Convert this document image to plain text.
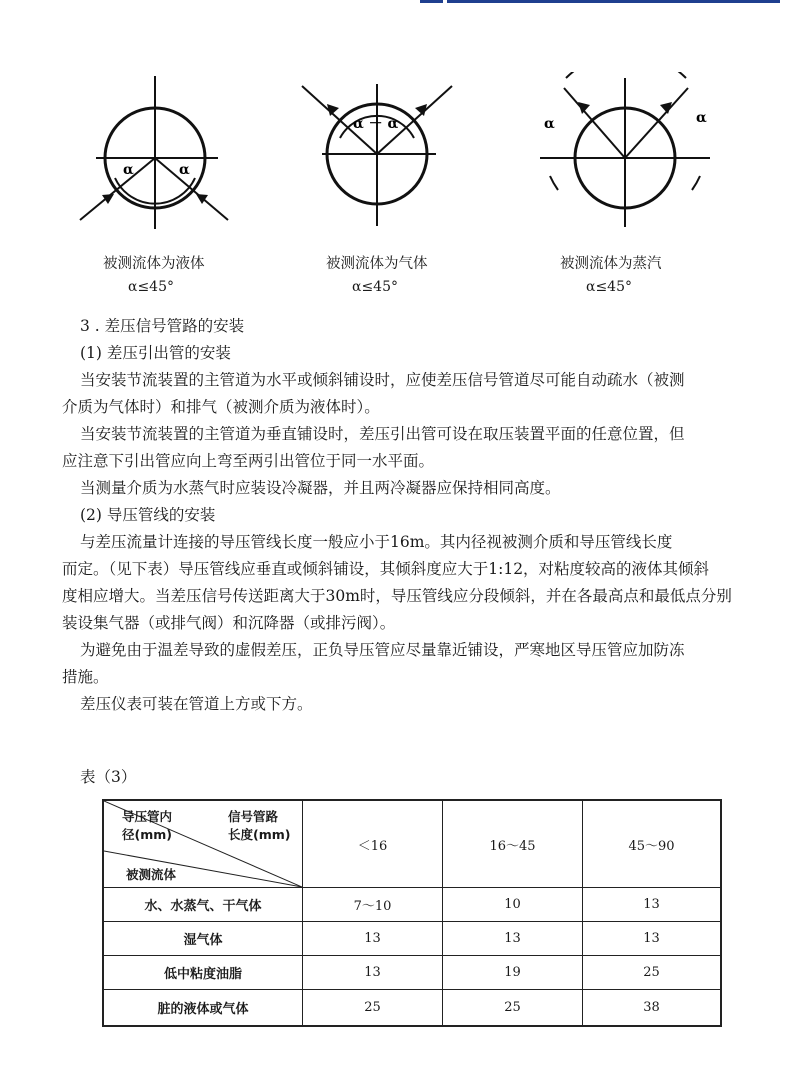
α	α
被测流体为液体
α≤45°
α － α
被测流体为气体
α≤45°
α	α
被测流体为蒸汽
α≤45°

3 . 差压信号管路的安装

(1) 差压引出管的安装

当安装节流装置的主管道为水平或倾斜铺设时，应使差压信号管道尽可能自动疏水（被测

介质为气体时）和排气（被测介质为液体时）。

当安装节流装置的主管道为垂直铺设时，差压引出管可设在取压装置平面的任意位置，但

应注意下引出管应向上弯至两引出管位于同一水平面。

当测量介质为水蒸气时应装设冷凝器，并且两冷凝器应保持相同高度。

(2) 导压管线的安装

与差压流量计连接的导压管线长度一般应小于16m。其内径视被测介质和导压管线长度

而定。（见下表）导压管线应垂直或倾斜铺设，其倾斜度应大于1:12，对粘度较高的液体其倾斜

度相应增大。当差压信号传送距离大于30m时，导压管线应分段倾斜，并在各最高点和最低点分别

装设集气器（或排气阀）和沉降器（或排污阀）。

为避免由于温差导致的虚假差压，正负导压管应尽量靠近铺设，严寒地区导压管应加防冻

措施。

差压仪表可装在管道上方或下方。

表（3）
导压管内
径(mm)
信号管路
长度(mm)
被测流体	＜16	16～45	45～90
水、水蒸气、干气体	7～10	10	13
湿气体	13	13	13
低中粘度油脂	13	19	25
脏的液体或气体	25	25	38
